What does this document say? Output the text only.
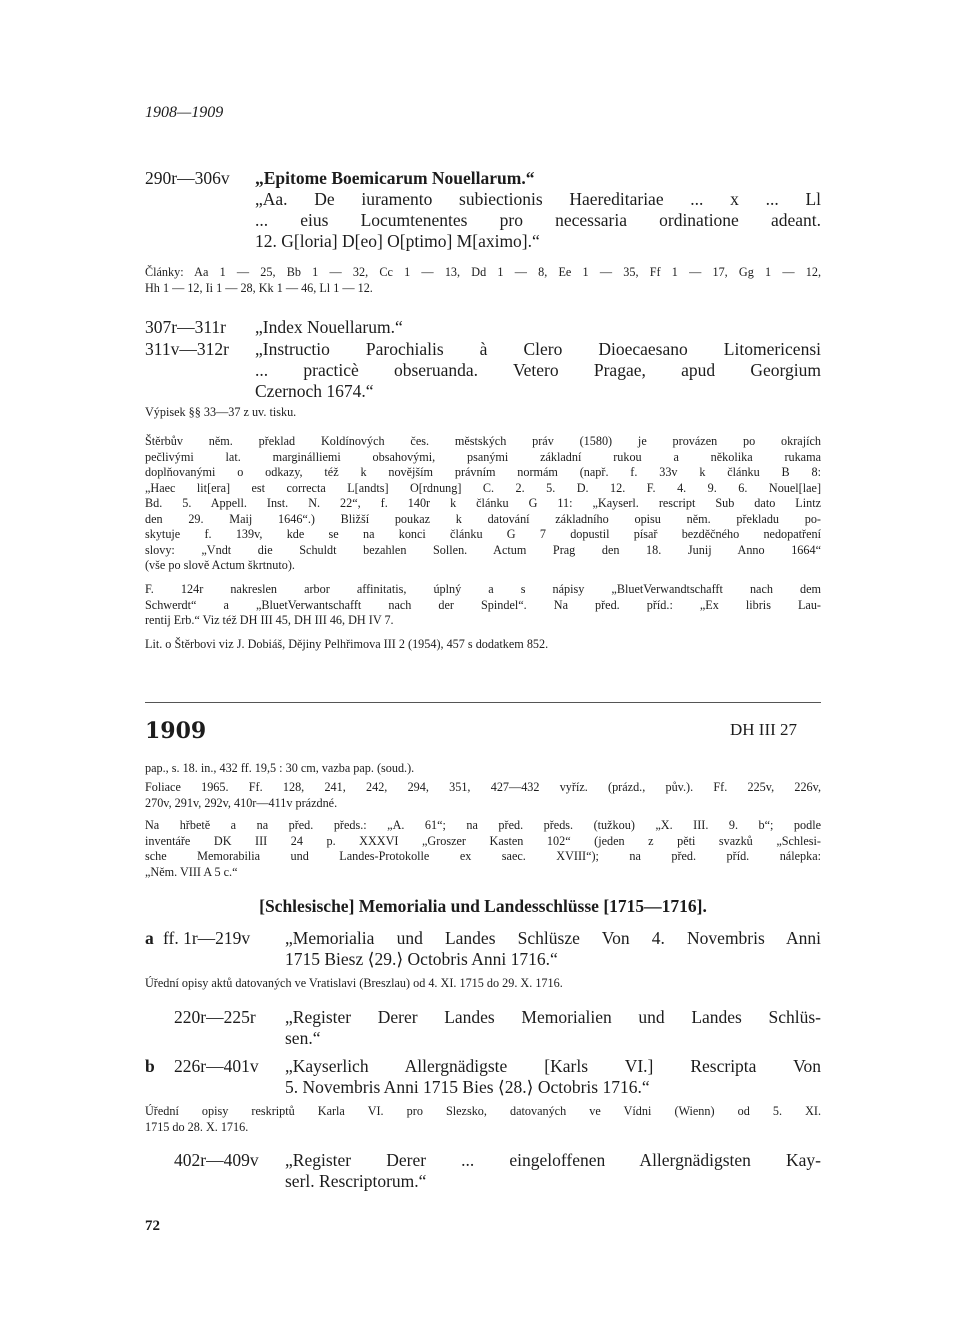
1908—1909
290r—306v „Epitome Boemicarum Nouellarum.“

„Aa. De iuramento subiectionis Haereditariae ... x ... Ll

... eius Locumtenentes pro necessaria ordinatione adeant.

12. G[loria] D[eo] O[ptimo] M[aximo].“

Články: Aa 1 — 25, Bb 1 — 32, Cc 1 — 13, Dd 1 — 8, Ee 1 — 35, Ff 1 — 17, Gg 1 — 12,

Hh 1 — 12, Ii 1 — 28, Kk 1 — 46, Ll 1 — 12.

307r—311r „Index Nouellarum.“
311v—312r „Instructio Parochialis à Clero Dioecaesano Litomericensi

... practicè obseruanda. Vetero Pragae, apud Georgium

Czernoch 1674.“

Výpisek §§ 33—37 z uv. tisku.

Štěrbův něm. překlad Koldínových čes. městských práv (1580) je provázen po okrajích

pečlivými lat. marginálliemi obsahovými, psanými základní rukou a několika rukama

doplňovanými o odkazy, též k novějším právním normám (např. f. 33v k článku B 8:

„Haec lit[era] est correcta L[andts] O[rdnung] C. 2. 5. D. 12. F. 4. 9. 6. Nouel[lae]

Bd. 5. Appell. Inst. N. 22“, f. 140r k článku G 11: „Kayserl. rescript Sub dato Lintz

den 29. Maij 1646“.) Bližší poukaz k datování základního opisu něm. překladu po-

skytuje f. 139v, kde se na konci článku G 7 dopustil písař bezděčného nedopatření

slovy: „Vndt die Schuldt bezahlen Sollen. Actum Prag den 18. Junij Anno 1664“

(vše po slově Actum škrtnuto).

F. 124r nakreslen arbor affinitatis, úplný a s nápisy „BluetVerwandtschafft nach dem

Schwerdt“ a „BluetVerwantschafft nach der Spindel“. Na před. příd.: „Ex libris Lau-

rentij Erb.“ Viz též DH III 45, DH III 46, DH IV 7.

Lit. o Štěrbovi viz J. Dobiáš, Dějiny Pelhřimova III 2 (1954), 457 s dodatkem 852.
1909	DH III 27
pap., s. 18. in., 432 ff. 19,5 : 30 cm, vazba pap. (soud.).

Foliace 1965. Ff. 128, 241, 242, 294, 351, 427—432 vyříz. (prázd., pův.). Ff. 225v, 226v,

270v, 291v, 292v, 410r—411v prázdné.

Na hřbetě a na před. předs.: „A. 61“; na před. předs. (tužkou) „X. III. 9. b“; podle

inventáře DK III 24 p. XXXVI „Groszer Kasten 102“ (jeden z pěti svazků „Schlesi-

sche Memorabilia und Landes-Protokolle ex saec. XVIII“); na před. příd. nálepka:

„Něm. VIII A 5 c.“

[Schlesische] Memorialia und Landesschlüsse [1715—1716].
a ff. 1r—219v „Memorialia und Landes Schlüsze Von 4. Novembris Anni

1715 Biesz ⟨29.⟩ Octobris Anni 1716.“

Úřední opisy aktů datovaných ve Vratislavi (Breszlau) od 4. XI. 1715 do 29. X. 1716.
220r—225r „Register Derer Landes Memorialien und Landes Schlüs-

sen.“

b 226r—401v „Kayserlich Allergnädigste [Karls VI.] Rescripta Von

5. Novembris Anni 1715 Bies ⟨28.⟩ Octobris 1716.“

Úřední opisy reskriptů Karla VI. pro Slezsko, datovaných ve Vídni (Wienn) od 5. XI.

1715 do 28. X. 1716.

402r—409v „Register Derer ... eingeloffenen Allergnädigsten Kay-

serl. Rescriptorum.“

72
